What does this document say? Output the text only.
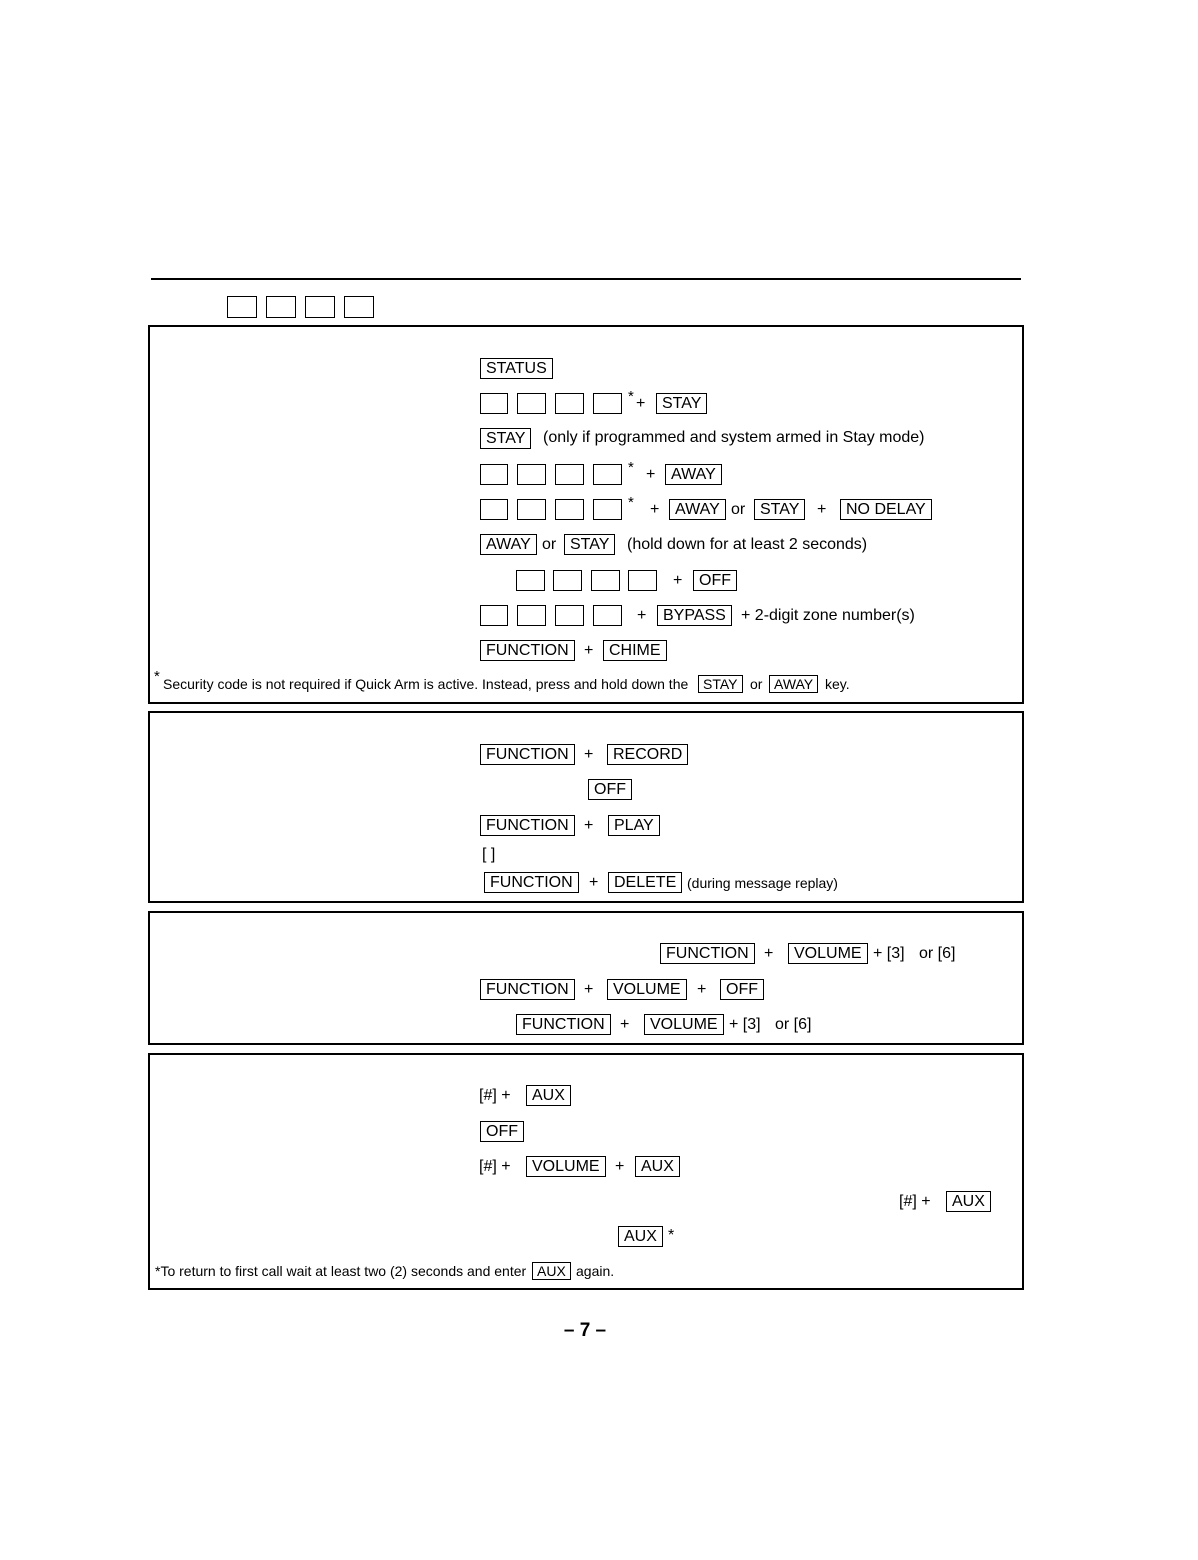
STATUS
* +	STAY
STAY	(only if programmed and system armed in Stay mode)
* + AWAY
* + AWAY or STAY	+	NO DELAY
AWAY or STAY	(hold down for at least 2 seconds)
+	OFF
+	BYPASS + 2-digit zone number(s)
FUNCTION + CHIME
* Security code is not required if Quick Arm is active. Instead, press and hold down the	STAY or AWAY key.
FUNCTION +	RECORD
OFF
FUNCTION +	PLAY
[ ]
FUNCTION	+ DELETE (during message replay)
FUNCTION +	VOLUME + [3] or [6]
FUNCTION +	VOLUME	+	OFF
FUNCTION +	VOLUME + [3] or [6]
[#] +	AUX
OFF
[#] +	VOLUME +	AUX
[#] +	AUX
AUX *
*To return to first call wait at least two (2) seconds and enter AUX again.
– 7 –
